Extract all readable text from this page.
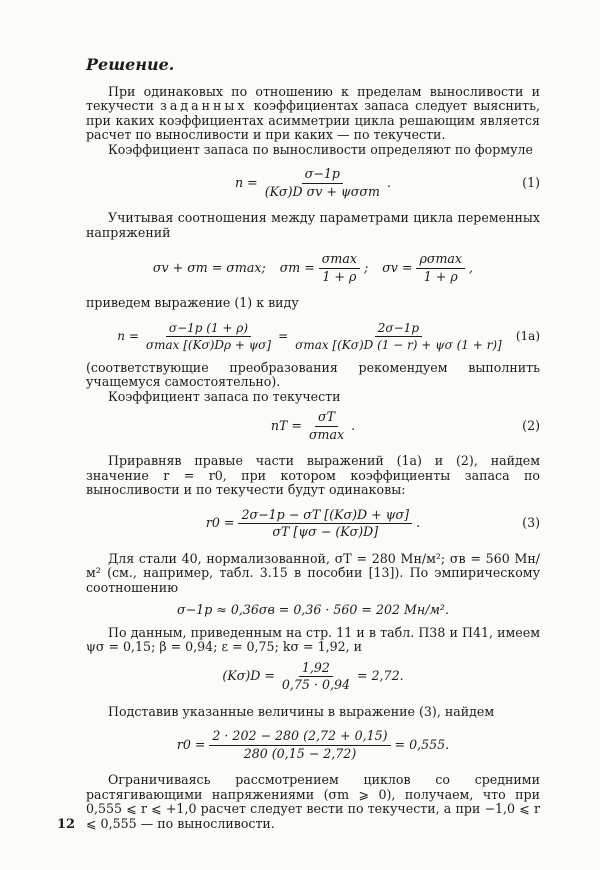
Решение.

При одинаковых по отношению к пределам выносливости и текучести заданных коэффициентах запаса следует выяснить, при каких коэффициентах асимметрии цикла решающим является расчет по выносливости и при каких — по текучести.

Коэффициент запаса по выносливости определяют по формуле

$n = \frac{\sigma-1p}{\text{(Kσ)D σv + ψσσm}}$ .	(1)

Учитывая соотношения между параметрами цикла переменных напряжений

σv + σm = σmax; $\sigma m = \frac{\sigma\max}{1 + \rho}$ ; $\sigma v = \frac{\rho\sigma\max}{1 + \rho}$ ,

приведем выражение (1) к виду

$n = \frac{\sigma-1p (1 + \rho)}{\sigma\max [(K\sigma)D\rho + \psi\sigma]} = \frac{2\sigma-1p}{\sigma\max [(K\sigma)D (1 - r) + \psi\sigma (1 + r)]} (1a)$

(соответствующие преобразования рекомендуем выполнить учащемуся самостоятельно).

Коэффициент запаса по текучести

nT = $\frac{\sigma T}{\sigma\max}$ .	(2)

Приравняв правые части выражений (1a) и (2), найдем значение r = r0, при котором коэффициенты запаса по выносливости и по текучести будут одинаковы:

$r0 = \frac{2\sigma-1p - \sigma T [(K\sigma)D + \psi\sigma]}{\sigma T [\psi\sigma - (K\sigma)D]}$ .	(3)

Для стали 40, нормализованной, σT = 280 Мн/м²; σв = 560 Мн/м² (см., например, табл. 3.15 в пособии [13]). По эмпирическому соотношению

σ−1p ≈ 0,36σв = 0,36 · 560 = 202 Мн/м².

По данным, приведенным на стр. 11 и в табл. П38 и П41, имеем ψσ = 0,15; β = 0,94; ε = 0,75; kσ = 1,92, и

$(K\sigma)D = \frac{1,92}{0,75 \cdot 0,94} = 2,72$.

Подставив указанные величины в выражение (3), найдем

$r0 = \frac{2 \cdot 202 - 280 (2,72 + 0,15)}{280 (0,15 - 2,72)} = 0,555$.

Ограничиваясь рассмотрением циклов со средними растягивающими напряжениями (σm ⩾ 0), получаем, что при 0,555 ⩽ r ⩽ +1,0 расчет следует вести по текучести, а при −1,0 ⩽ r ⩽ 0,555 — по выносливости.

12
